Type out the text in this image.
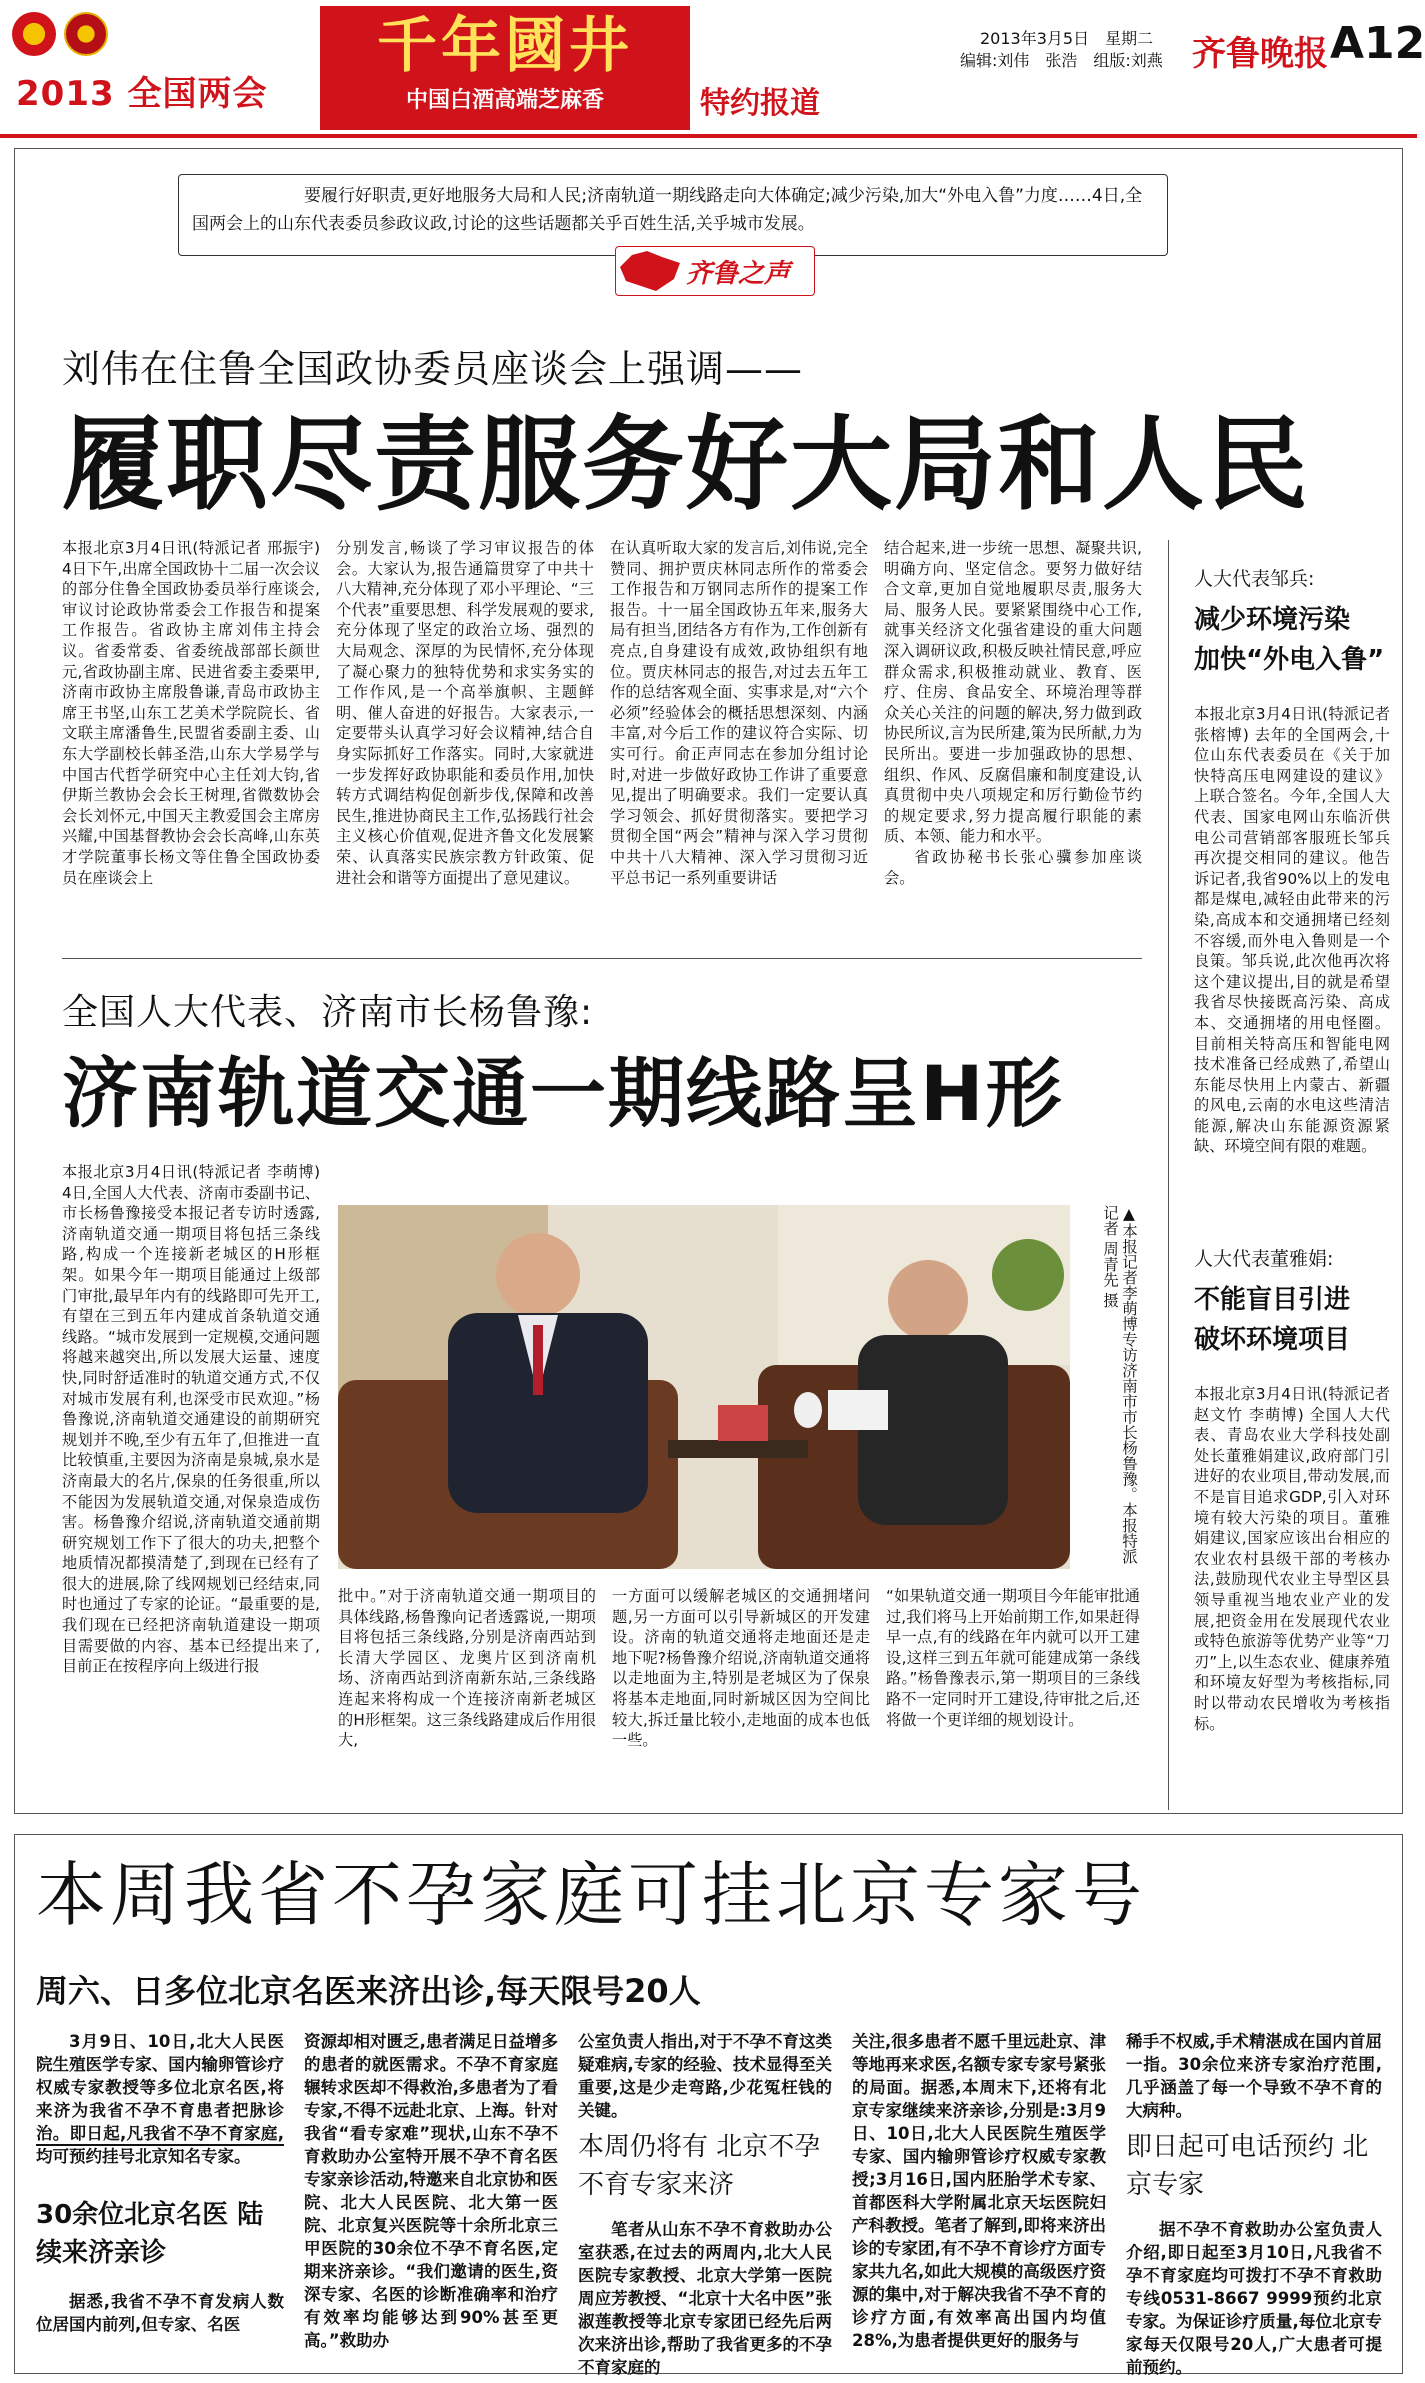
2013 全国两会
千年國井
中国白酒高端芝麻香	特约报道
2013年3月5日　星期二
编辑:刘伟　张浩　组版:刘燕 齐鲁晚报 A12
要履行好职责,更好地服务大局和人民;济南轨道一期线路走向大体确定;减少污染,加大“外电入鲁”力度……4日,全国两会上的山东代表委员参政议政,讨论的这些话题都关乎百姓生活,关乎城市发展。
齐鲁之声
刘伟在住鲁全国政协委员座谈会上强调——
履职尽责服务好大局和人民

本报北京3月4日讯(特派记者 邢振宇) 4日下午,出席全国政协十二届一次会议的部分住鲁全国政协委员举行座谈会,审议讨论政协常委会工作报告和提案工作报告。省政协主席刘伟主持会议。省委常委、省委统战部部长颜世元,省政协副主席、民进省委主委栗甲,济南市政协主席殷鲁谦,青岛市政协主席王书坚,山东工艺美术学院院长、省文联主席潘鲁生,民盟省委副主委、山东大学副校长韩圣浩,山东大学易学与中国古代哲学研究中心主任刘大钧,省伊斯兰教协会会长王树理,省微数协会会长刘怀元,中国天主教爱国会主席房兴耀,中国基督教协会会长高峰,山东英才学院董事长杨文等住鲁全国政协委员在座谈会上

分别发言,畅谈了学习审议报告的体会。大家认为,报告通篇贯穿了中共十八大精神,充分体现了邓小平理论、“三个代表”重要思想、科学发展观的要求,充分体现了坚定的政治立场、强烈的大局观念、深厚的为民情怀,充分体现了凝心聚力的独特优势和求实务实的工作作风,是一个高举旗帜、主题鲜明、催人奋进的好报告。大家表示,一定要带头认真学习好会议精神,结合自身实际抓好工作落实。同时,大家就进一步发挥好政协职能和委员作用,加快转方式调结构促创新步伐,保障和改善民生,推进协商民主工作,弘扬践行社会主义核心价值观,促进齐鲁文化发展繁荣、认真落实民族宗教方针政策、促进社会和谐等方面提出了意见建议。

在认真听取大家的发言后,刘伟说,完全赞同、拥护贾庆林同志所作的常委会工作报告和万钢同志所作的提案工作报告。十一届全国政协五年来,服务大局有担当,团结各方有作为,工作创新有亮点,自身建设有成效,政协组织有地位。贾庆林同志的报告,对过去五年工作的总结客观全面、实事求是,对“六个必须”经验体会的概括思想深刻、内涵丰富,对今后工作的建议符合实际、切实可行。俞正声同志在参加分组讨论时,对进一步做好政协工作讲了重要意见,提出了明确要求。我们一定要认真学习领会、抓好贯彻落实。要把学习贯彻全国“两会”精神与深入学习贯彻中共十八大精神、深入学习贯彻习近平总书记一系列重要讲话

结合起来,进一步统一思想、凝聚共识,明确方向、坚定信念。要努力做好结合文章,更加自觉地履职尽责,服务大局、服务人民。要紧紧围绕中心工作,就事关经济文化强省建设的重大问题深入调研议政,积极反映社情民意,呼应群众需求,积极推动就业、教育、医疗、住房、食品安全、环境治理等群众关心关注的问题的解决,努力做到政协民所议,言为民所建,策为民所献,力为民所出。要进一步加强政协的思想、组织、作风、反腐倡廉和制度建设,认真贯彻中央八项规定和厉行勤俭节约的规定要求,努力提高履行职能的素质、本领、能力和水平。

省政协秘书长张心骥参加座谈会。

人大代表邹兵:
减少环境污染
加快“外电入鲁”

本报北京3月4日讯(特派记者 张榕博) 去年的全国两会,十位山东代表委员在《关于加快特高压电网建设的建议》上联合签名。今年,全国人大代表、国家电网山东临沂供电公司营销部客服班长邹兵再次提交相同的建议。他告诉记者,我省90%以上的发电都是煤电,减轻由此带来的污染,高成本和交通拥堵已经刻不容缓,而外电入鲁则是一个良策。邹兵说,此次他再次将这个建议提出,目的就是希望我省尽快接既高污染、高成本、交通拥堵的用电怪圈。目前相关特高压和智能电网技术准备已经成熟了,希望山东能尽快用上内蒙古、新疆的风电,云南的水电这些清洁能源,解决山东能源资源紧缺、环境空间有限的难题。

人大代表董雅娟:
不能盲目引进
破坏环境项目

本报北京3月4日讯(特派记者 赵文竹 李萌博) 全国人大代表、青岛农业大学科技处副处长董雅娟建议,政府部门引进好的农业项目,带动发展,而不是盲目追求GDP,引入对环境有较大污染的项目。董雅娟建议,国家应该出台相应的农业农村县级干部的考核办法,鼓励现代农业主导型区县领导重视当地农业产业的发展,把资金用在发展现代农业或特色旅游等优势产业等“刀刃”上,以生态农业、健康养殖和环境友好型为考核指标,同时以带动农民增收为考核指标。

全国人大代表、济南市长杨鲁豫:
济南轨道交通一期线路呈H形

本报北京3月4日讯(特派记者 李萌博) 4日,全国人大代表、济南市委副书记、市长杨鲁豫接受本报记者专访时透露,济南轨道交通一期项目将包括三条线路,构成一个连接新老城区的H形框架。如果今年一期项目能通过上级部门审批,最早年内有的线路即可先开工,有望在三到五年内建成首条轨道交通线路。“城市发展到一定规模,交通问题将越来越突出,所以发展大运量、速度快,同时舒适准时的轨道交通方式,不仅对城市发展有利,也深受市民欢迎。”杨鲁豫说,济南轨道交通建设的前期研究规划并不晚,至少有五年了,但推进一直比较慎重,主要因为济南是泉城,泉水是济南最大的名片,保泉的任务很重,所以不能因为发展轨道交通,对保泉造成伤害。杨鲁豫介绍说,济南轨道交通前期研究规划工作下了很大的功夫,把整个地质情况都摸清楚了,到现在已经有了很大的进展,除了线网规划已经结束,同时也通过了专家的论证。“最重要的是,我们现在已经把济南轨道建设一期项目需要做的内容、基本已经提出来了,目前正在按程序向上级进行报

▲本报记者李萌博专访济南市市长杨鲁豫。本报特派记者 周青先 摄

批中。”对于济南轨道交通一期项目的具体线路,杨鲁豫向记者透露说,一期项目将包括三条线路,分别是济南西站到长清大学园区、龙奥片区到济南机场、济南西站到济南新东站,三条线路连起来将构成一个连接济南新老城区的H形框架。这三条线路建成后作用很大,

一方面可以缓解老城区的交通拥堵问题,另一方面可以引导新城区的开发建设。济南的轨道交通将走地面还是走地下呢?杨鲁豫介绍说,济南轨道交通将以走地面为主,特别是老城区为了保泉将基本走地面,同时新城区因为空间比较大,拆迁量比较小,走地面的成本也低一些。

“如果轨道交通一期项目今年能审批通过,我们将马上开始前期工作,如果赶得早一点,有的线路在年内就可以开工建设,这样三到五年就可能建成第一条线路。”杨鲁豫表示,第一期项目的三条线路不一定同时开工建设,待审批之后,还将做一个更详细的规划设计。

本周我省不孕家庭可挂北京专家号
周六、日多位北京名医来济出诊,每天限号20人

3月9日、10日,北大人民医院生殖医学专家、国内输卵管诊疗权威专家教授等多位北京名医,将来济为我省不孕不育患者把脉诊治。即日起,凡我省不孕不育家庭,均可预约挂号北京知名专家。

30余位北京名医 陆续来济亲诊

据悉,我省不孕不育发病人数位居国内前列,但专家、名医

资源却相对匮乏,患者满足日益增多的患者的就医需求。不孕不育家庭辗转求医却不得救治,多患者为了看专家,不得不远赴北京、上海。针对我省“看专家难”现状,山东不孕不育救助办公室特开展不孕不育名医专家亲诊活动,特邀来自北京协和医院、北大人民医院、北大第一医院、北京复兴医院等十余所北京三甲医院的30余位不孕不育名医,定期来济亲诊。“我们邀请的医生,资深专家、名医的诊断准确率和治疗有效率均能够达到90%甚至更高。”救助办

公室负责人指出,对于不孕不育这类疑难病,专家的经验、技术显得至关重要,这是少走弯路,少花冤枉钱的关键。

本周仍将有 北京不孕不育专家来济

笔者从山东不孕不育救助办公室获悉,在过去的两周内,北大人民医院专家教授、北京大学第一医院周应芳教授、“北京十大名中医”张淑莲教授等北京专家团已经先后两次来济出诊,帮助了我省更多的不孕不育家庭的

关注,很多患者不愿千里远赴京、津等地再来求医,名额专家专家号紧张的局面。据悉,本周末下,还将有北京专家继续来济亲诊,分别是:3月9日、10日,北大人民医院生殖医学专家、国内输卵管诊疗权威专家教授;3月16日,国内胚胎学术专家、首都医科大学附属北京天坛医院妇产科教授。笔者了解到,即将来济出诊的专家团,有不孕不育诊疗方面专家共九名,如此大规模的高级医疗资源的集中,对于解决我省不孕不育的诊疗方面,有效率高出国内均值28%,为患者提供更好的服务与

稀手不权威,手术精湛成在国内首屈一指。30余位来济专家治疗范围,几乎涵盖了每一个导致不孕不育的大病种。

即日起可电话预约 北京专家

据不孕不育救助办公室负责人介绍,即日起至3月10日,凡我省不孕不育家庭均可拨打不孕不育救助专线0531-8667 9999预约北京专家。为保证诊疗质量,每位北京专家每天仅限号20人,广大患者可提前预约。
